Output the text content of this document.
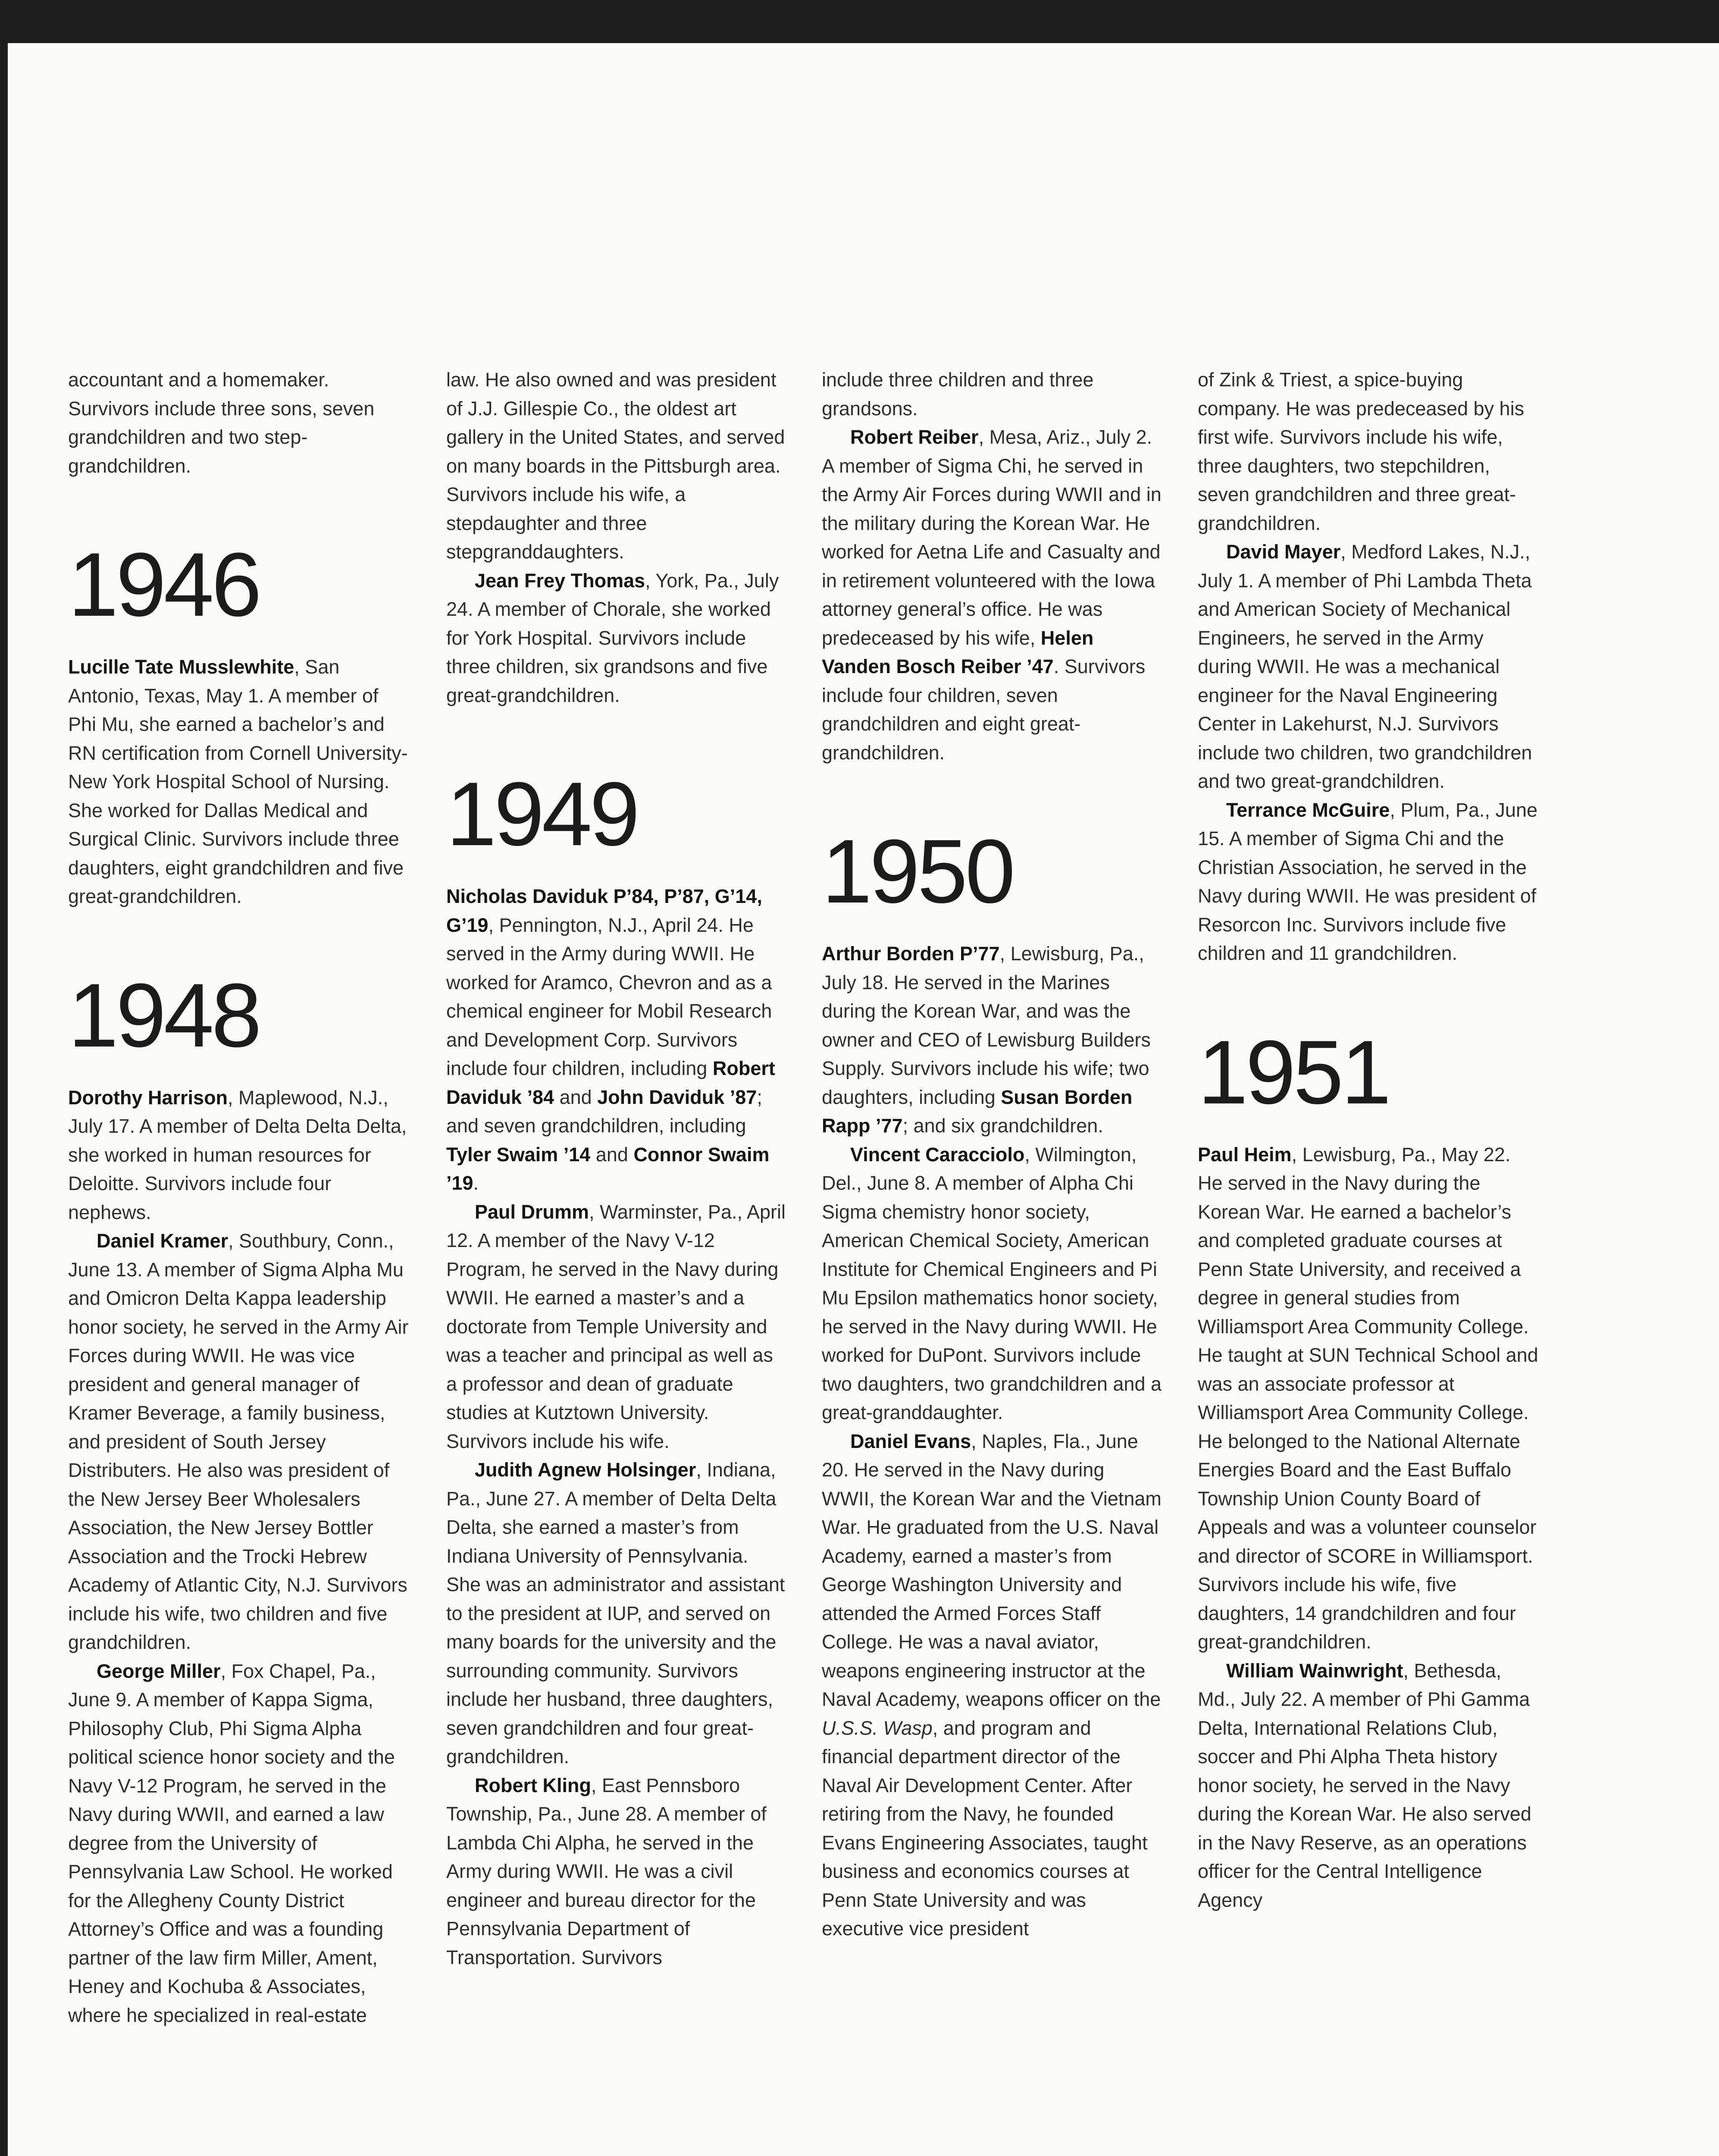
accountant and a homemaker. Survivors include three sons, seven grandchildren and two step-grandchildren.

1946

Lucille Tate Musslewhite, San Antonio, Texas, May 1. A member of Phi Mu, she earned a bachelor’s and RN certification from Cornell University-New York Hospital School of Nursing. She worked for Dallas Medical and Surgical Clinic. Survivors include three daughters, eight grandchildren and five great-grandchildren.

1948

Dorothy Harrison, Maplewood, N.J., July 17. A member of Delta Delta Delta, she worked in human resources for Deloitte. Survivors include four nephews.

Daniel Kramer, Southbury, Conn., June 13. A member of Sigma Alpha Mu and Omicron Delta Kappa leadership honor society, he served in the Army Air Forces during WWII. He was vice president and general manager of Kramer Beverage, a family business, and president of South Jersey Distributers. He also was president of the New Jersey Beer Wholesalers Association, the New Jersey Bottler Association and the Trocki Hebrew Academy of Atlantic City, N.J. Survivors include his wife, two children and five grandchildren.

George Miller, Fox Chapel, Pa., June 9. A member of Kappa Sigma, Philosophy Club, Phi Sigma Alpha political science honor society and the Navy V-12 Program, he served in the Navy during WWII, and earned a law degree from the University of Pennsylvania Law School. He worked for the Allegheny County District Attorney’s Office and was a founding partner of the law firm Miller, Ament, Heney and Kochuba & Associates, where he specialized in real-estate

law. He also owned and was president of J.J. Gillespie Co., the oldest art gallery in the United States, and served on many boards in the Pittsburgh area. Survivors include his wife, a stepdaughter and three stepgranddaughters.

Jean Frey Thomas, York, Pa., July 24. A member of Chorale, she worked for York Hospital. Survivors include three children, six grandsons and five great-grandchildren.

1949

Nicholas Daviduk P’84, P’87, G’14, G’19, Pennington, N.J., April 24. He served in the Army during WWII. He worked for Aramco, Chevron and as a chemical engineer for Mobil Research and Development Corp. Survivors include four children, including Robert Daviduk ’84 and John Daviduk ’87; and seven grandchildren, including Tyler Swaim ’14 and Connor Swaim ’19.

Paul Drumm, Warminster, Pa., April 12. A member of the Navy V-12 Program, he served in the Navy during WWII. He earned a master’s and a doctorate from Temple University and was a teacher and principal as well as a professor and dean of graduate studies at Kutztown University. Survivors include his wife.

Judith Agnew Holsinger, Indiana, Pa., June 27. A member of Delta Delta Delta, she earned a master’s from Indiana University of Pennsylvania. She was an administrator and assistant to the president at IUP, and served on many boards for the university and the surrounding community. Survivors include her husband, three daughters, seven grandchildren and four great-grandchildren.

Robert Kling, East Pennsboro Township, Pa., June 28. A member of Lambda Chi Alpha, he served in the Army during WWII. He was a civil engineer and bureau director for the Pennsylvania Department of Transportation. Survivors

include three children and three grandsons.

Robert Reiber, Mesa, Ariz., July 2. A member of Sigma Chi, he served in the Army Air Forces during WWII and in the military during the Korean War. He worked for Aetna Life and Casualty and in retirement volunteered with the Iowa attorney general’s office. He was predeceased by his wife, Helen Vanden Bosch Reiber ’47. Survivors include four children, seven grandchildren and eight great-grandchildren.

1950

Arthur Borden P’77, Lewisburg, Pa., July 18. He served in the Marines during the Korean War, and was the owner and CEO of Lewisburg Builders Supply. Survivors include his wife; two daughters, including Susan Borden Rapp ’77; and six grandchildren.

Vincent Caracciolo, Wilmington, Del., June 8. A member of Alpha Chi Sigma chemistry honor society, American Chemical Society, American Institute for Chemical Engineers and Pi Mu Epsilon mathematics honor society, he served in the Navy during WWII. He worked for DuPont. Survivors include two daughters, two grandchildren and a great-granddaughter.

Daniel Evans, Naples, Fla., June 20. He served in the Navy during WWII, the Korean War and the Vietnam War. He graduated from the U.S. Naval Academy, earned a master’s from George Washington University and attended the Armed Forces Staff College. He was a naval aviator, weapons engineering instructor at the Naval Academy, weapons officer on the U.S.S. Wasp, and program and financial department director of the Naval Air Development Center. After retiring from the Navy, he founded Evans Engineering Associates, taught business and economics courses at Penn State University and was executive vice president

of Zink & Triest, a spice-buying company. He was predeceased by his first wife. Survivors include his wife, three daughters, two stepchildren, seven grandchildren and three great-grandchildren.

David Mayer, Medford Lakes, N.J., July 1. A member of Phi Lambda Theta and American Society of Mechanical Engineers, he served in the Army during WWII. He was a mechanical engineer for the Naval Engineering Center in Lakehurst, N.J. Survivors include two children, two grandchildren and two great-grandchildren.

Terrance McGuire, Plum, Pa., June 15. A member of Sigma Chi and the Christian Association, he served in the Navy during WWII. He was president of Resorcon Inc. Survivors include five children and 11 grandchildren.

1951

Paul Heim, Lewisburg, Pa., May 22. He served in the Navy during the Korean War. He earned a bachelor’s and completed graduate courses at Penn State University, and received a degree in general studies from Williamsport Area Community College. He taught at SUN Technical School and was an associate professor at Williamsport Area Community College. He belonged to the National Alternate Energies Board and the East Buffalo Township Union County Board of Appeals and was a volunteer counselor and director of SCORE in Williamsport. Survivors include his wife, five daughters, 14 grandchildren and four great-grandchildren.

William Wainwright, Bethesda, Md., July 22. A member of Phi Gamma Delta, International Relations Club, soccer and Phi Alpha Theta history honor society, he served in the Navy during the Korean War. He also served in the Navy Reserve, as an operations officer for the Central Intelligence Agency
